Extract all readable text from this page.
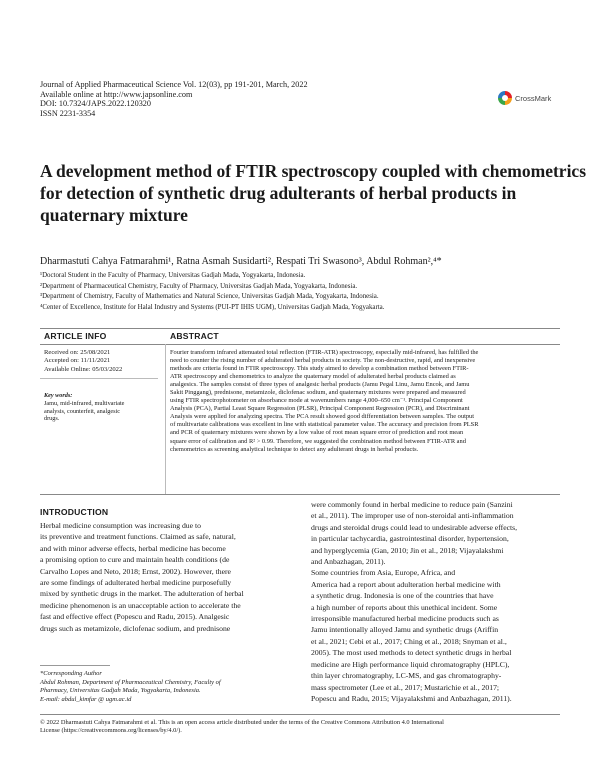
Journal of Applied Pharmaceutical Science Vol. 12(03), pp 191-201, March, 2022
Available online at http://www.japsonline.com
DOI: 10.7324/JAPS.2022.120320
ISSN 2231-3354
CrossMark
A development method of FTIR spectroscopy coupled with chemometrics
for detection of synthetic drug adulterants of herbal products in
quaternary mixture
Dharmastuti Cahya Fatmarahmi¹, Ratna Asmah Susidarti², Respati Tri Swasono³, Abdul Rohman²,⁴*
¹Doctoral Student in the Faculty of Pharmacy, Universitas Gadjah Mada, Yogyakarta, Indonesia.
²Department of Pharmaceutical Chemistry, Faculty of Pharmacy, Universitas Gadjah Mada, Yogyakarta, Indonesia.
³Department of Chemistry, Faculty of Mathematics and Natural Science, Universitas Gadjah Mada, Yogyakarta, Indonesia.
⁴Center of Excellence, Institute for Halal Industry and Systems (PUI-PT IHIS UGM), Universitas Gadjah Mada, Yogyakarta.
ARTICLE INFO	ABSTRACT
Received on: 25/08/2021
Accepted on: 11/11/2021
Available Online: 05/03/2022
Key words:
Jamu, mid-infrared, multivariate
analysis, counterfeit, analgesic
drugs.
Fourier transform infrared attenuated total reflection (FTIR-ATR) spectroscopy, especially mid-infrared, has fulfilled the
need to counter the rising number of adulterated herbal products in society. The non-destructive, rapid, and inexpensive
methods are criteria found in FTIR spectroscopy. This study aimed to develop a combination method between FTIR-
ATR spectroscopy and chemometrics to analyze the quaternary model of adulterated herbal products claimed as
analgesics. The samples consist of three types of analgesic herbal products (Jamu Pegal Linu, Jamu Encok, and Jamu
Sakit Pinggang), prednisone, metamizole, diclofenac sodium, and quaternary mixtures were prepared and measured
using FTIR spectrophotometer on absorbance mode at wavenumbers range 4,000–650 cm⁻¹. Principal Component
Analysis (PCA), Partial Least Square Regression (PLSR), Principal Component Regression (PCR), and Discriminant
Analysis were applied for analyzing spectra. The PCA result showed good differentiation between samples. The output
of multivariate calibrations was excellent in line with statistical parameter value. The accuracy and precision from PLSR
and PCR of quaternary mixtures were shown by a low value of root mean square error of prediction and root mean
square error of calibration and R² > 0.99. Therefore, we suggested the combination method between FTIR-ATR and
chemometrics as screening analytical technique to detect any adulterant drugs in herbal products.
INTRODUCTION
Herbal medicine consumption was increasing due to
its preventive and treatment functions. Claimed as safe, natural,
and with minor adverse effects, herbal medicine has become
a promising option to cure and maintain health conditions (de
Carvalho Lopes and Neto, 2018; Ernst, 2002). However, there
are some findings of adulterated herbal medicine purposefully
mixed by synthetic drugs in the market. The adulteration of herbal
medicine phenomenon is an unacceptable action to accelerate the
fast and effective effect (Popescu and Radu, 2015). Analgesic
drugs such as metamizole, diclofenac sodium, and prednisone
were commonly found in herbal medicine to reduce pain (Sanzini
et al., 2011). The improper use of non-steroidal anti-inflammation
drugs and steroidal drugs could lead to undesirable adverse effects,
in particular tachycardia, gastrointestinal disorder, hypertension,
and hyperglycemia (Gan, 2010; Jin et al., 2018; Vijayalakshmi
and Anbazhagan, 2011).
Some countries from Asia, Europe, Africa, and
America had a report about adulteration herbal medicine with
a synthetic drug. Indonesia is one of the countries that have
a high number of reports about this unethical incident. Some
irresponsible manufactured herbal medicine products such as
Jamu intentionally alloyed Jamu and synthetic drugs (Ariffin
et al., 2021; Cebi et al., 2017; Ching et al., 2018; Snyman et al.,
2005). The most used methods to detect synthetic drugs in herbal
medicine are High performance liquid chromatography (HPLC),
thin layer chromatography, LC-MS, and gas chromatography-
mass spectrometer (Lee et al., 2017; Mustarichie et al., 2017;
Popescu and Radu, 2015; Vijayalakshmi and Anbazhagan, 2011).
*Corresponding Author
Abdul Rohman, Department of Pharmaceutical Chemistry, Faculty of
Pharmacy, Universitas Gadjah Mada, Yogyakarta, Indonesia.
E-mail: abdul_kimfar @ ugm.ac.id
© 2022 Dharmastuti Cahya Fatmarahmi et al. This is an open access article distributed under the terms of the Creative Commons Attribution 4.0 International
License (https://creativecommons.org/licenses/by/4.0/).
